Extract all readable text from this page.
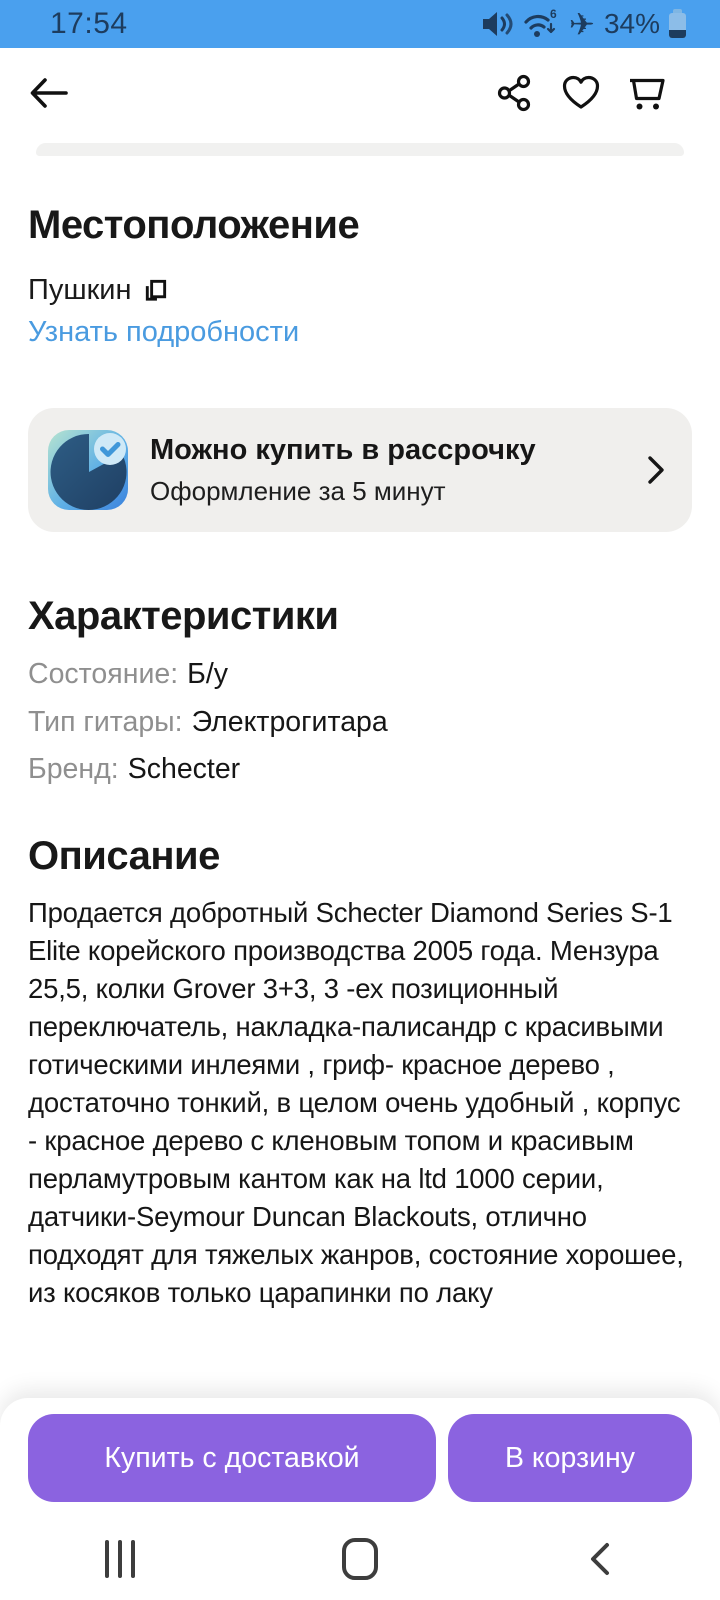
17:54	6 ✈ 34%
Местоположение
Пушкин
Узнать подробности
Можно купить в рассрочку
Оформление за 5 минут
Характеристики
Состояние: Б/у
Тип гитары: Электрогитара
Бренд: Schecter
Описание
Продается добротный Schecter Diamond Series S-1 Elite корейского производства 2005 года. Мензура 25,5, колки Grover 3+3, 3 -ех позиционный переключатель, накладка-палисандр с красивыми готическими инлеями , гриф- красное дерево , достаточно тонкий, в целом очень удобный , корпус - красное дерево с кленовым топом и красивым перламутровым кантом как на ltd 1000 серии, датчики-Seymour Duncan Blackouts, отлично подходят для тяжелых жанров, состояние хорошее, из косяков только царапинки по лаку
Купить с доставкой	В корзину
